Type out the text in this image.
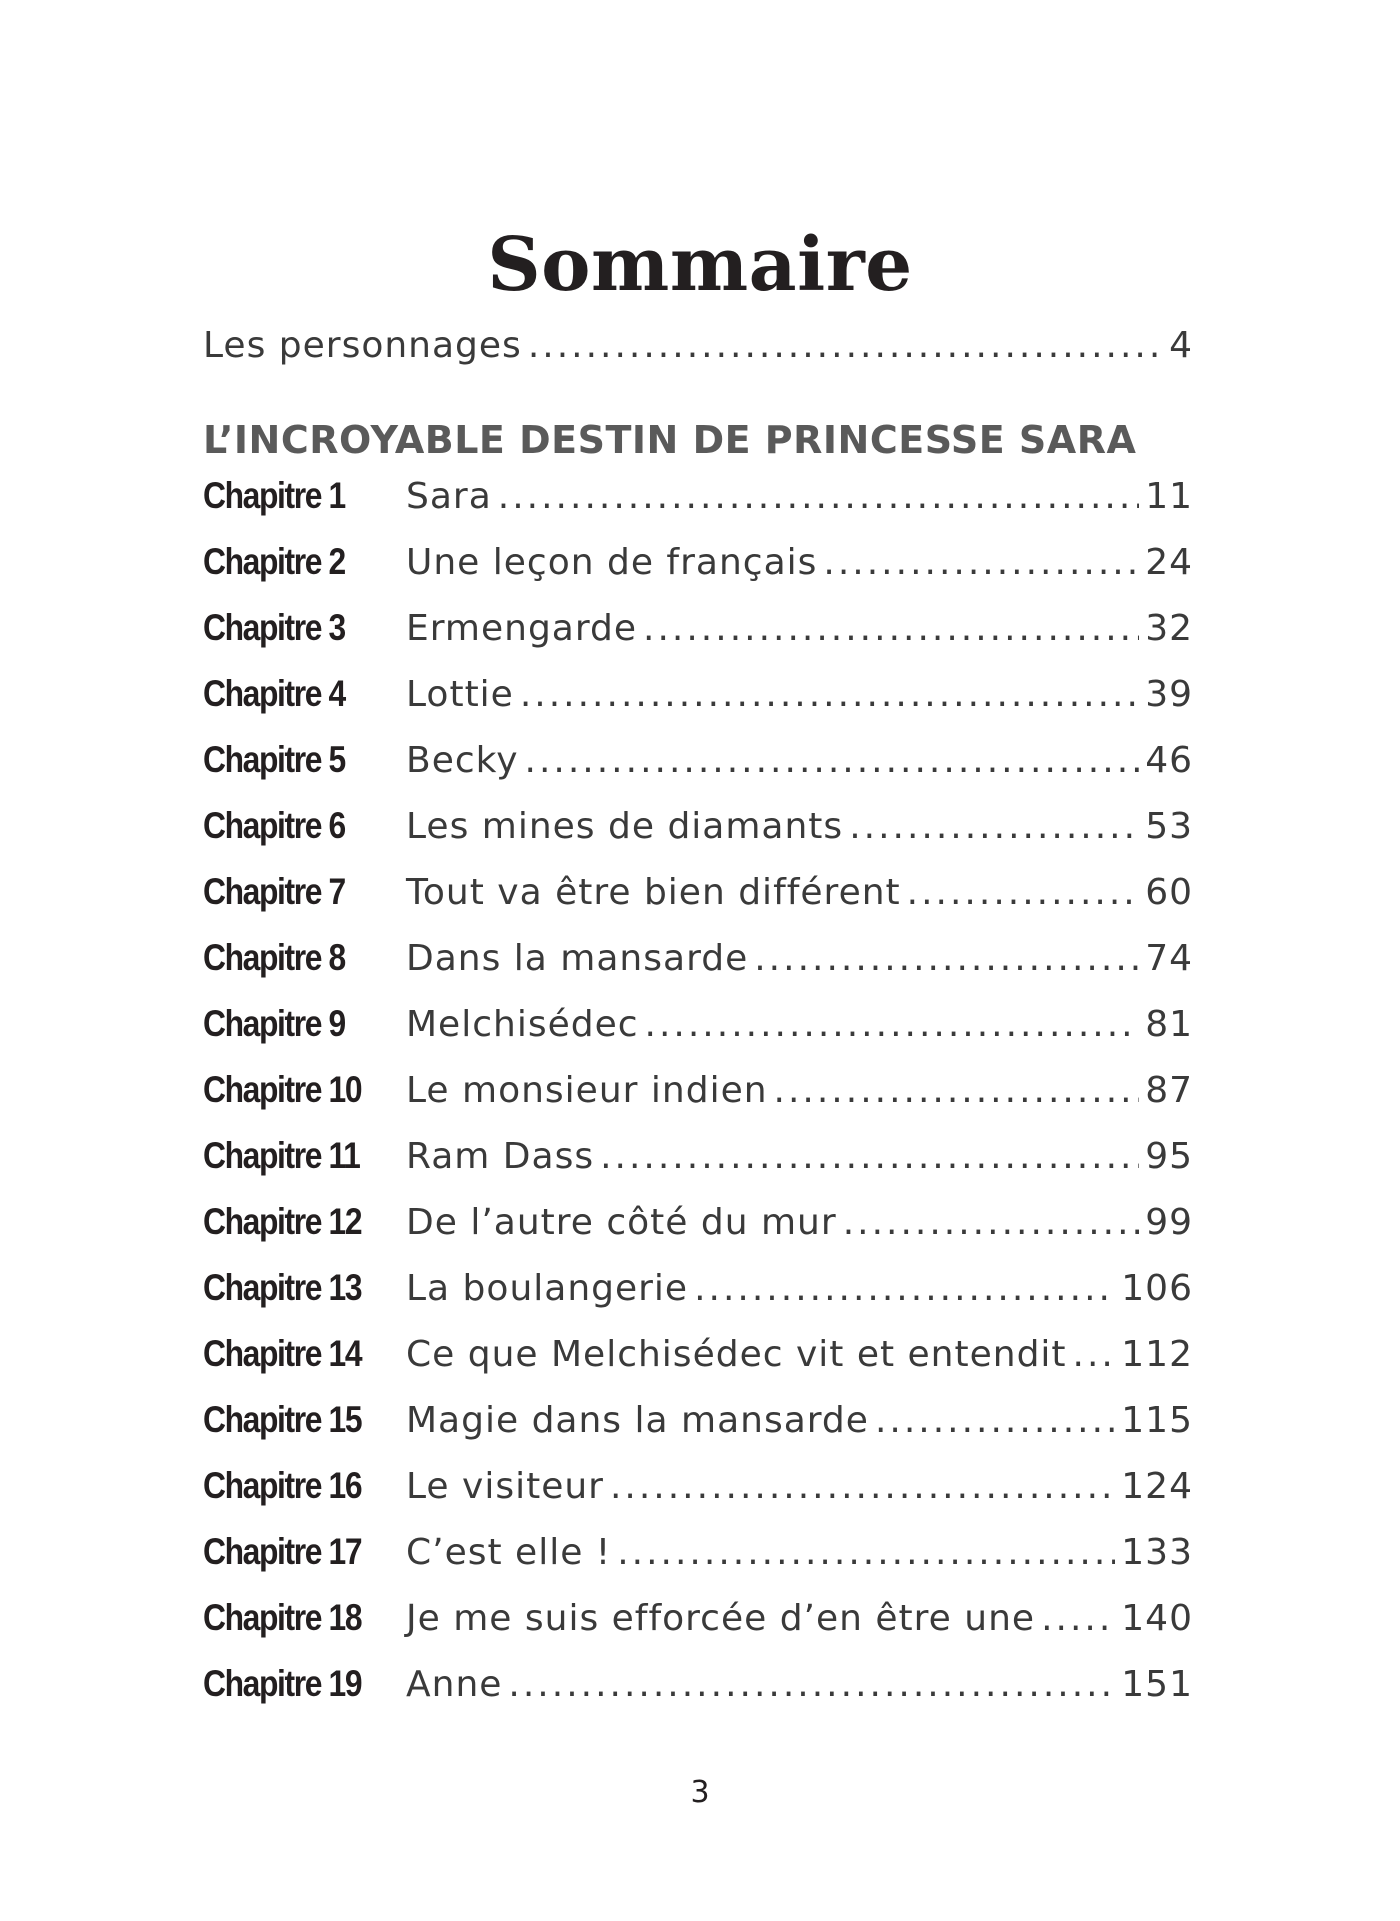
Sommaire
Les personnages .....	4
L’INCROYABLE DESTIN DE PRINCESSE SARA
Chapitre 1	Sara .....	11
Chapitre 2	Une leçon de français .....	24
Chapitre 3	Ermengarde .....	32
Chapitre 4	Lottie .....	39
Chapitre 5	Becky .....	46
Chapitre 6	Les mines de diamants .....	53
Chapitre 7	Tout va être bien différent .....	60
Chapitre 8	Dans la mansarde .....	74
Chapitre 9	Melchisédec .....	81
Chapitre 10	Le monsieur indien .....	87
Chapitre 11	Ram Dass .....	95
Chapitre 12	De l’autre côté du mur .....	99
Chapitre 13	La boulangerie .....	106
Chapitre 14	Ce que Melchisédec vit et entendit ..... 112
Chapitre 15	Magie dans la mansarde .....	115
Chapitre 16	Le visiteur .....	124
Chapitre 17	C’est elle ! .....	133
Chapitre 18	Je me suis efforcée d’en être une ..... 140
Chapitre 19	Anne .....	151
3
